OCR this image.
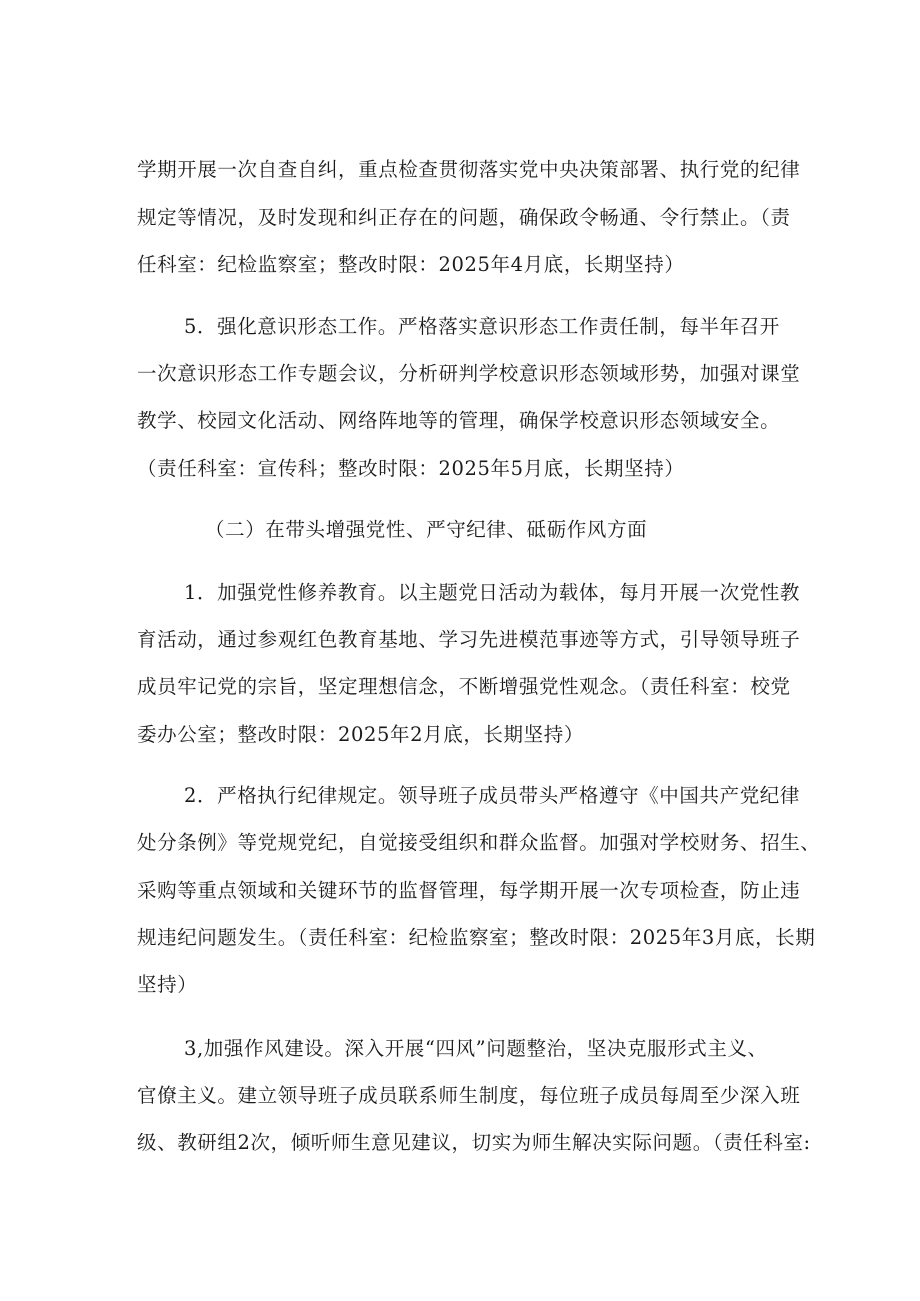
学期开展一次自查自纠，重点检查贯彻落实党中央决策部署、执行党的纪律
规定等情况，及时发现和纠正存在的问题，确保政令畅通、令行禁止。（责
任科室：纪检监察室；整改时限：2025年4月底，长期坚持）
5．强化意识形态工作。严格落实意识形态工作责任制，每半年召开
一次意识形态工作专题会议，分析研判学校意识形态领域形势，加强对课堂
教学、校园文化活动、网络阵地等的管理，确保学校意识形态领域安全。
（责任科室：宣传科；整改时限：2025年5月底，长期坚持）
（二）在带头增强党性、严守纪律、砥砺作风方面
1．加强党性修养教育。以主题党日活动为载体，每月开展一次党性教
育活动，通过参观红色教育基地、学习先进模范事迹等方式，引导领导班子
成员牢记党的宗旨，坚定理想信念，不断增强党性观念。（责任科室：校党
委办公室；整改时限：2025年2月底，长期坚持）
2．严格执行纪律规定。领导班子成员带头严格遵守《中国共产党纪律
处分条例》等党规党纪，自觉接受组织和群众监督。加强对学校财务、招生、
采购等重点领域和关键环节的监督管理，每学期开展一次专项检查，防止违
规违纪问题发生。（责任科室：纪检监察室；整改时限：2025年3月底，长期
坚持）
3,加强作风建设。深入开展“四风”问题整治，坚决克服形式主义、
官僚主义。建立领导班子成员联系师生制度，每位班子成员每周至少深入班
级、教研组2次，倾听师生意见建议，切实为师生解决实际问题。（责任科室:
